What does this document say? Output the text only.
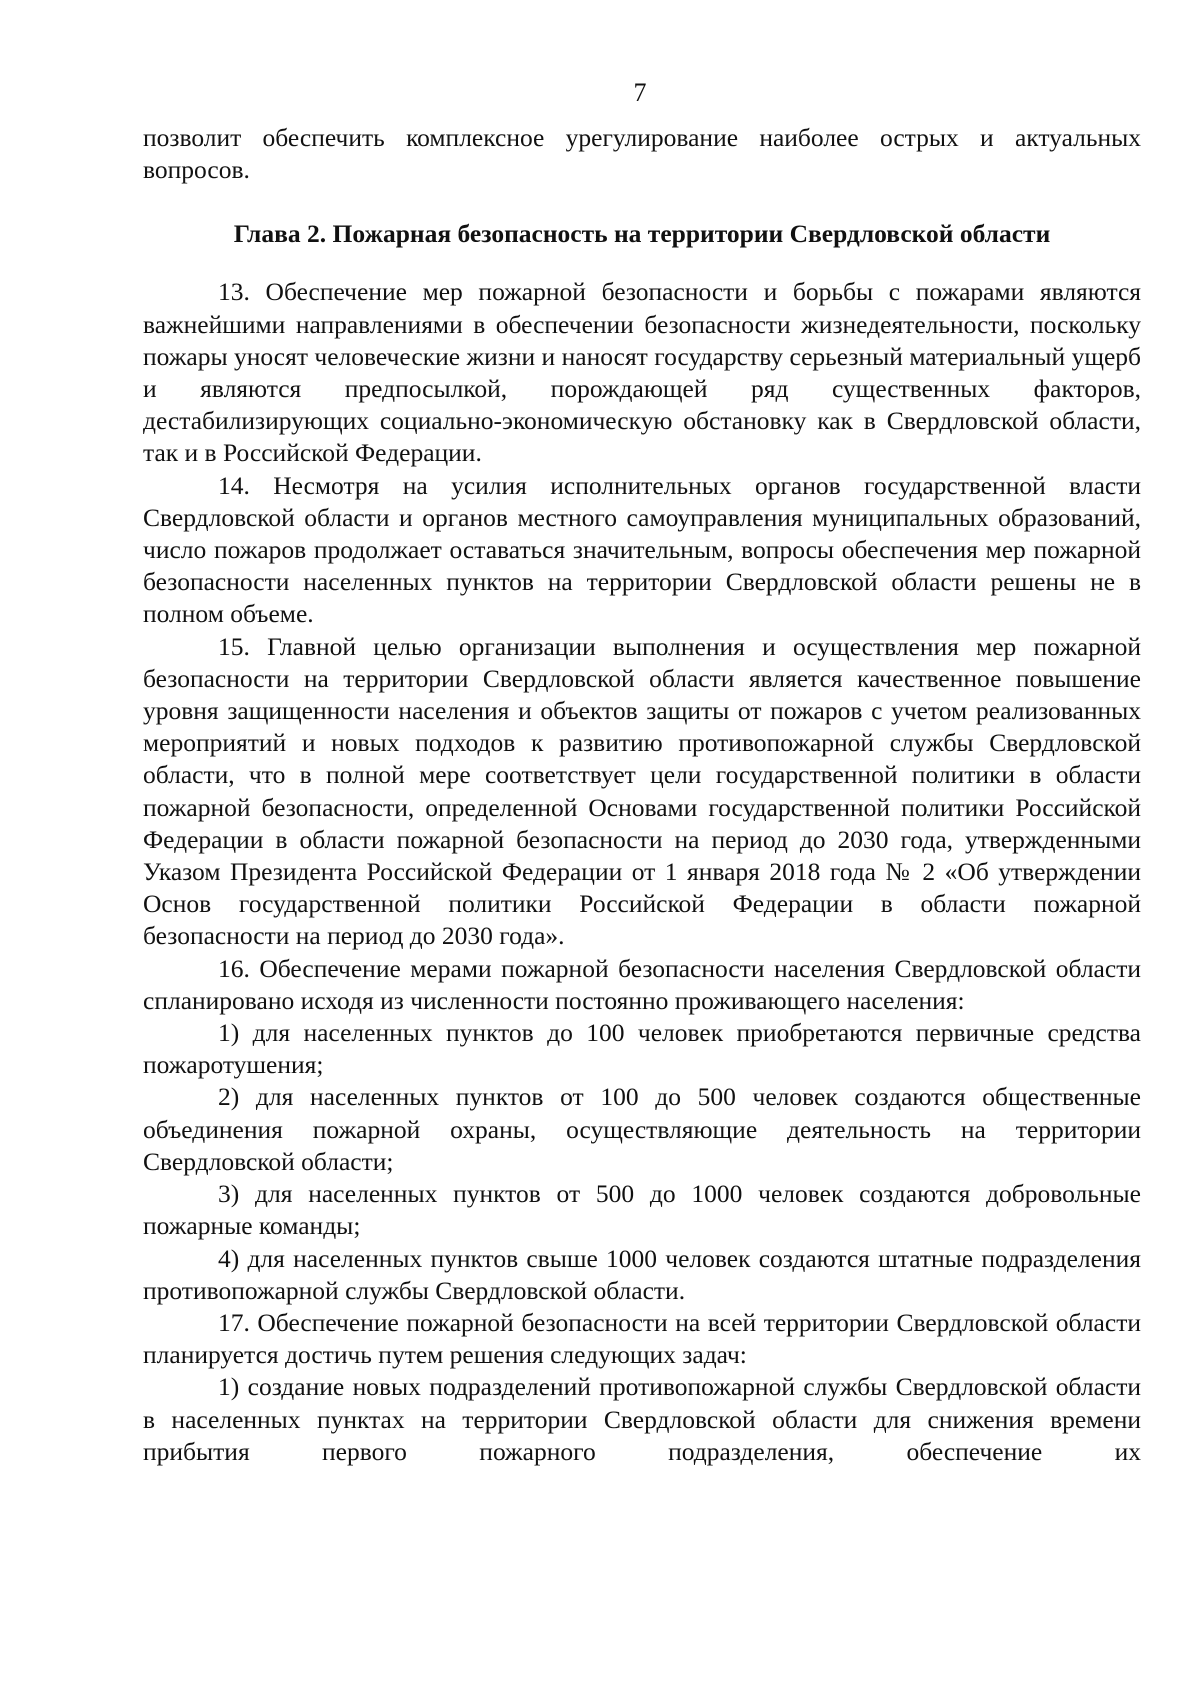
7

позволит обеспечить комплексное урегулирование наиболее острых и актуальных вопросов.

Глава 2. Пожарная безопасность на территории Свердловской области

13. Обеспечение мер пожарной безопасности и борьбы с пожарами являются важнейшими направлениями в обеспечении безопасности жизнедеятельности, поскольку пожары уносят человеческие жизни и наносят государству серьезный материальный ущерб и являются предпосылкой, порождающей ряд существенных факторов, дестабилизирующих социально-экономическую обстановку как в Свердловской области, так и в Российской Федерации.

14. Несмотря на усилия исполнительных органов государственной власти Свердловской области и органов местного самоуправления муниципальных образований, число пожаров продолжает оставаться значительным, вопросы обеспечения мер пожарной безопасности населенных пунктов на территории Свердловской области решены не в полном объеме.

15. Главной целью организации выполнения и осуществления мер пожарной безопасности на территории Свердловской области является качественное повышение уровня защищенности населения и объектов защиты от пожаров с учетом реализованных мероприятий и новых подходов к развитию противопожарной службы Свердловской области, что в полной мере соответствует цели государственной политики в области пожарной безопасности, определенной Основами государственной политики Российской Федерации в области пожарной безопасности на период до 2030 года, утвержденными Указом Президента Российской Федерации от 1 января 2018 года № 2 «Об утверждении Основ государственной политики Российской Федерации в области пожарной безопасности на период до 2030 года».

16. Обеспечение мерами пожарной безопасности населения Свердловской области спланировано исходя из численности постоянно проживающего населения:

1) для населенных пунктов до 100 человек приобретаются первичные средства пожаротушения;

2) для населенных пунктов от 100 до 500 человек создаются общественные объединения пожарной охраны, осуществляющие деятельность на территории Свердловской области;

3) для населенных пунктов от 500 до 1000 человек создаются добровольные пожарные команды;

4) для населенных пунктов свыше 1000 человек создаются штатные подразделения противопожарной службы Свердловской области.

17. Обеспечение пожарной безопасности на всей территории Свердловской области планируется достичь путем решения следующих задач:

1) создание новых подразделений противопожарной службы Свердловской области в населенных пунктах на территории Свердловской области для снижения времени прибытия первого пожарного подразделения, обеспечение их
